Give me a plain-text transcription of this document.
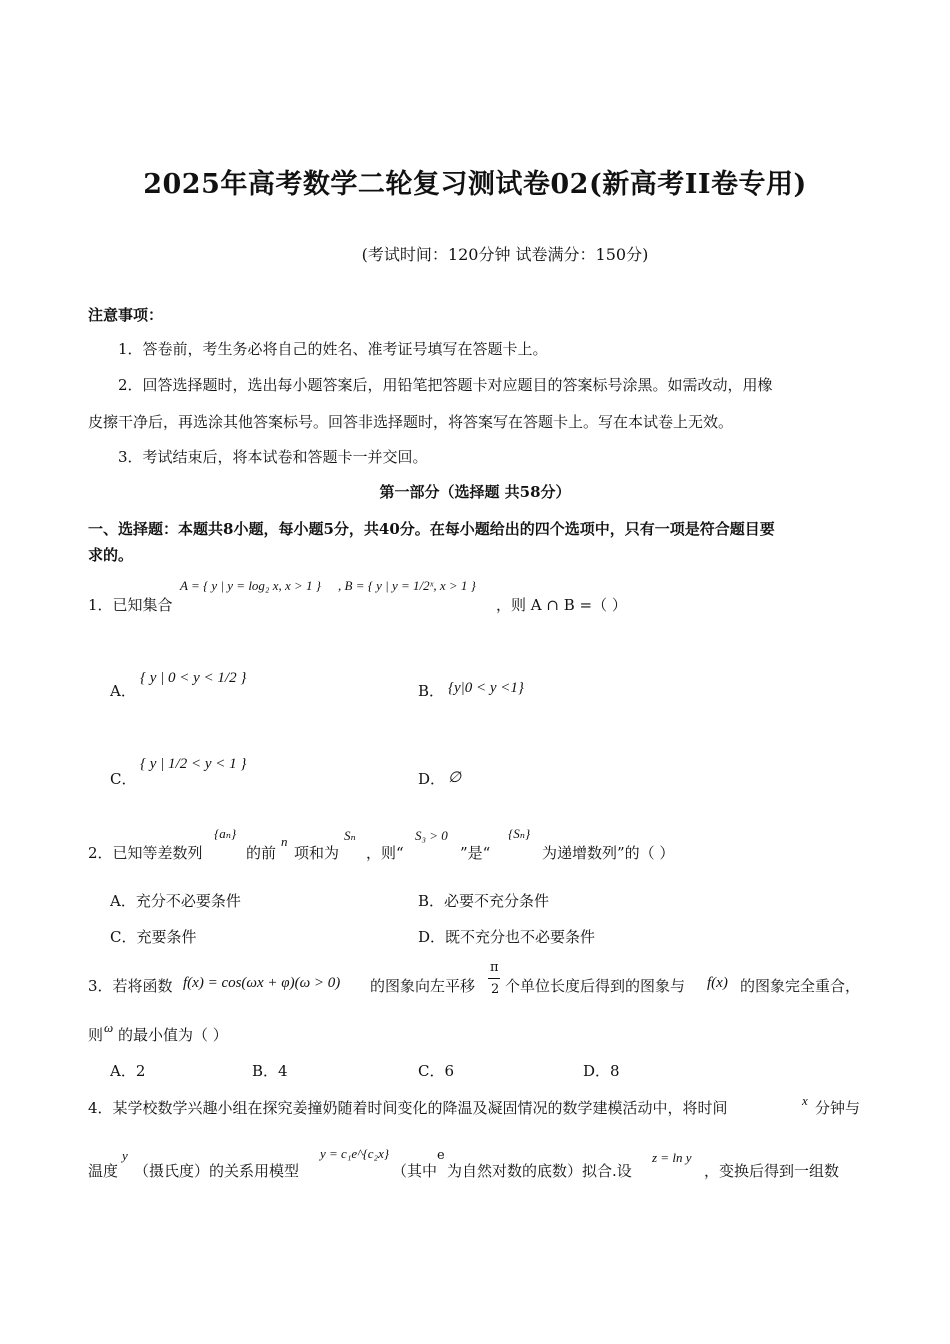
2025年高考数学二轮复习测试卷02(新高考II卷专用)
(考试时间：120分钟 试卷满分：150分)
注意事项：
1．答卷前，考生务必将自己的姓名、准考证号填写在答题卡上。
2．回答选择题时，选出每小题答案后，用铅笔把答题卡对应题目的答案标号涂黑。如需改动，用橡
皮擦干净后，再选涂其他答案标号。回答非选择题时，将答案写在答题卡上。写在本试卷上无效。
3．考试结束后，将本试卷和答题卡一并交回。
第一部分（选择题 共58分）
一、选择题：本题共8小题，每小题5分，共40分。在每小题给出的四个选项中，只有一项是符合题目要
求的。
1．已知集合
A = { y | y = log₂ x, x > 1 } , B = { y | y = 1/2ˣ, x > 1 }
，则 A ∩ B =（ ）
A．
{ y | 0 < y < 1/2 }
B． {y|0 < y <1}
C．
{ y | 1/2 < y < 1 }
D． ∅
2．已知等差数列
{aₙ}
的前
n
项和为
Sₙ
，则“
S₃ > 0
”是“
{Sₙ}
为递增数列”的（ ）
A．充分不必要条件	B．必要不充分条件
C．充要条件	D．既不充分也不必要条件
3．若将函数 f(x) = cos(ωx + φ)(ω > 0) 的图象向左平移
π
2 个单位长度后得到的图象与 f(x) 的图象完全重合，
则 ω 的最小值为（ ）
A．2	B．4	C．6	D．8
4．某学校数学兴趣小组在探究姜撞奶随着时间变化的降温及凝固情况的数学建模活动中，将时间	x 分钟与
温度
y
（摄氏度）的关系用模型
y = c₁e^{c₂x}
（其中
e
为自然对数的底数）拟合.设
z = ln y
，变换后得到一组数
